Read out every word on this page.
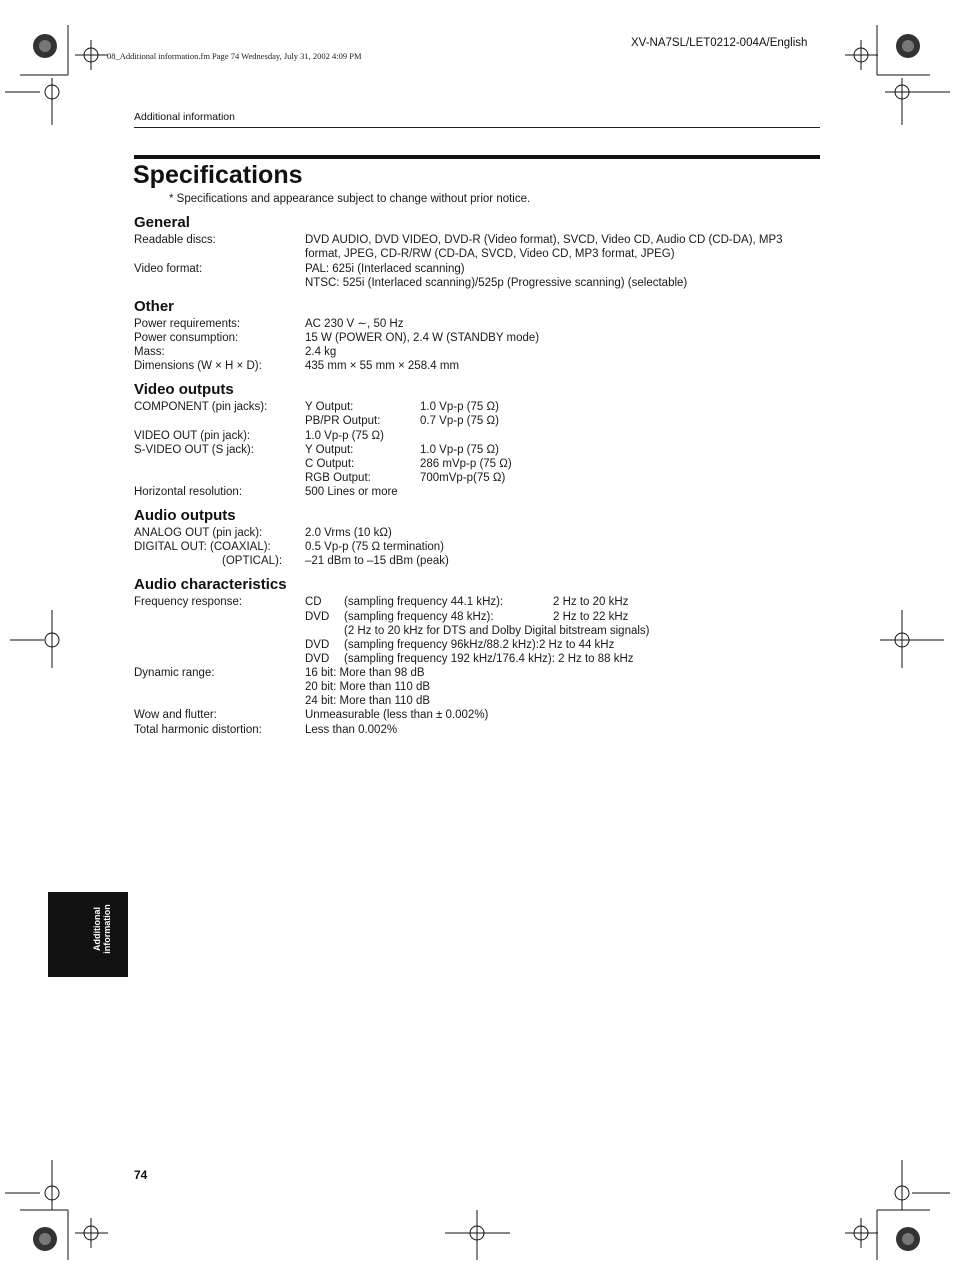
08_Additional information.fm Page 74 Wednesday, July 31, 2002 4:09 PM
XV-NA7SL/LET0212-004A/English
Additional information
Specifications
* Specifications and appearance subject to change without prior notice.
General
Readable discs:	DVD AUDIO, DVD VIDEO, DVD-R (Video format), SVCD, Video CD, Audio CD (CD-DA), MP3
format, JPEG, CD-R/RW (CD-DA, SVCD, Video CD, MP3 format, JPEG)
Video format:	PAL: 625i (Interlaced scanning)
NTSC: 525i (Interlaced scanning)/525p (Progressive scanning) (selectable)
Other
Power requirements:	AC 230 V ∼, 50 Hz
Power consumption:	15 W (POWER ON), 2.4 W (STANDBY mode)
Mass:	2.4 kg
Dimensions (W × H × D):	435 mm × 55 mm × 258.4 mm
Video outputs
COMPONENT (pin jacks):	Y Output:	1.0 Vp-p (75 Ω)
PB/PR Output:	0.7 Vp-p (75 Ω)
VIDEO OUT (pin jack):	1.0 Vp-p (75 Ω)
S-VIDEO OUT (S jack):	Y Output:	1.0 Vp-p (75 Ω)
C Output:	286 mVp-p (75 Ω)
RGB Output:	700mVp-p(75 Ω)
Horizontal resolution:	500 Lines or more
Audio outputs
ANALOG OUT (pin jack):	2.0 Vrms (10 kΩ)
DIGITAL OUT: (COAXIAL):	0.5 Vp-p (75 Ω termination)
(OPTICAL): –21 dBm to –15 dBm (peak)
Audio characteristics
Frequency response:	CD (sampling frequency 44.1 kHz):	2 Hz to 20 kHz
DVD (sampling frequency 48 kHz):	2 Hz to 22 kHz
(2 Hz to 20 kHz for DTS and Dolby Digital bitstream signals)
DVD (sampling frequency 96kHz/88.2 kHz):2 Hz to 44 kHz
DVD (sampling frequency 192 kHz/176.4 kHz): 2 Hz to 88 kHz
Dynamic range:	16 bit: More than 98 dB
20 bit: More than 110 dB
24 bit: More than 110 dB
Wow and flutter:	Unmeasurable (less than ± 0.002%)
Total harmonic distortion:	Less than 0.002%
Additional information
74
